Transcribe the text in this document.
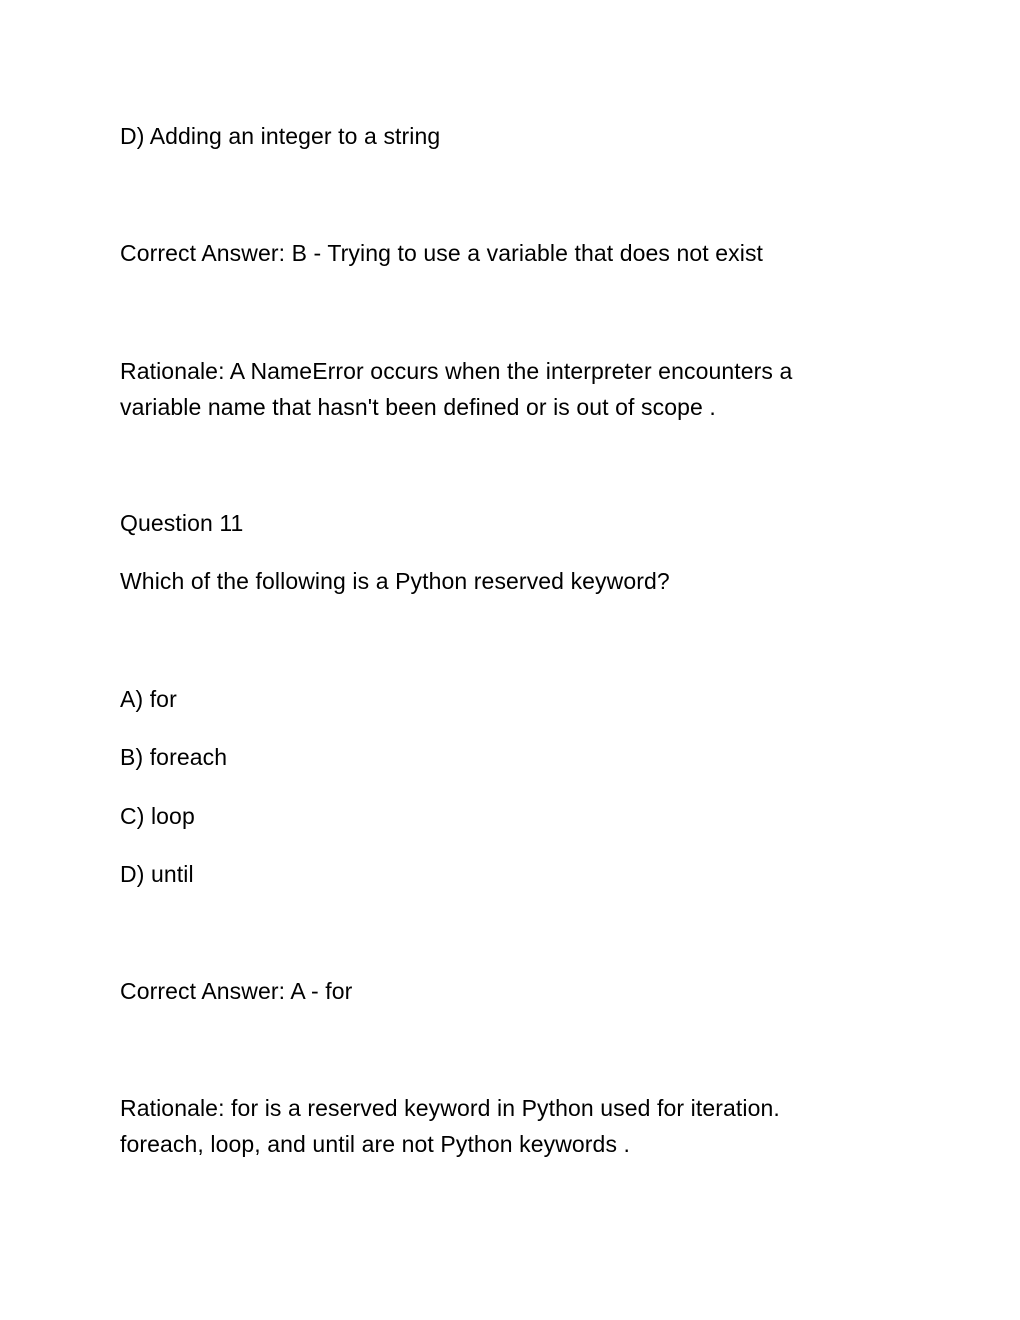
D) Adding an integer to a string
Correct Answer: B - Trying to use a variable that does not exist
Rationale: A NameError occurs when the interpreter encounters a
variable name that hasn't been defined or is out of scope .
Question 11
Which of the following is a Python reserved keyword?
A) for
B) foreach
C) loop
D) until
Correct Answer: A - for
Rationale: for is a reserved keyword in Python used for iteration.
foreach, loop, and until are not Python keywords .
